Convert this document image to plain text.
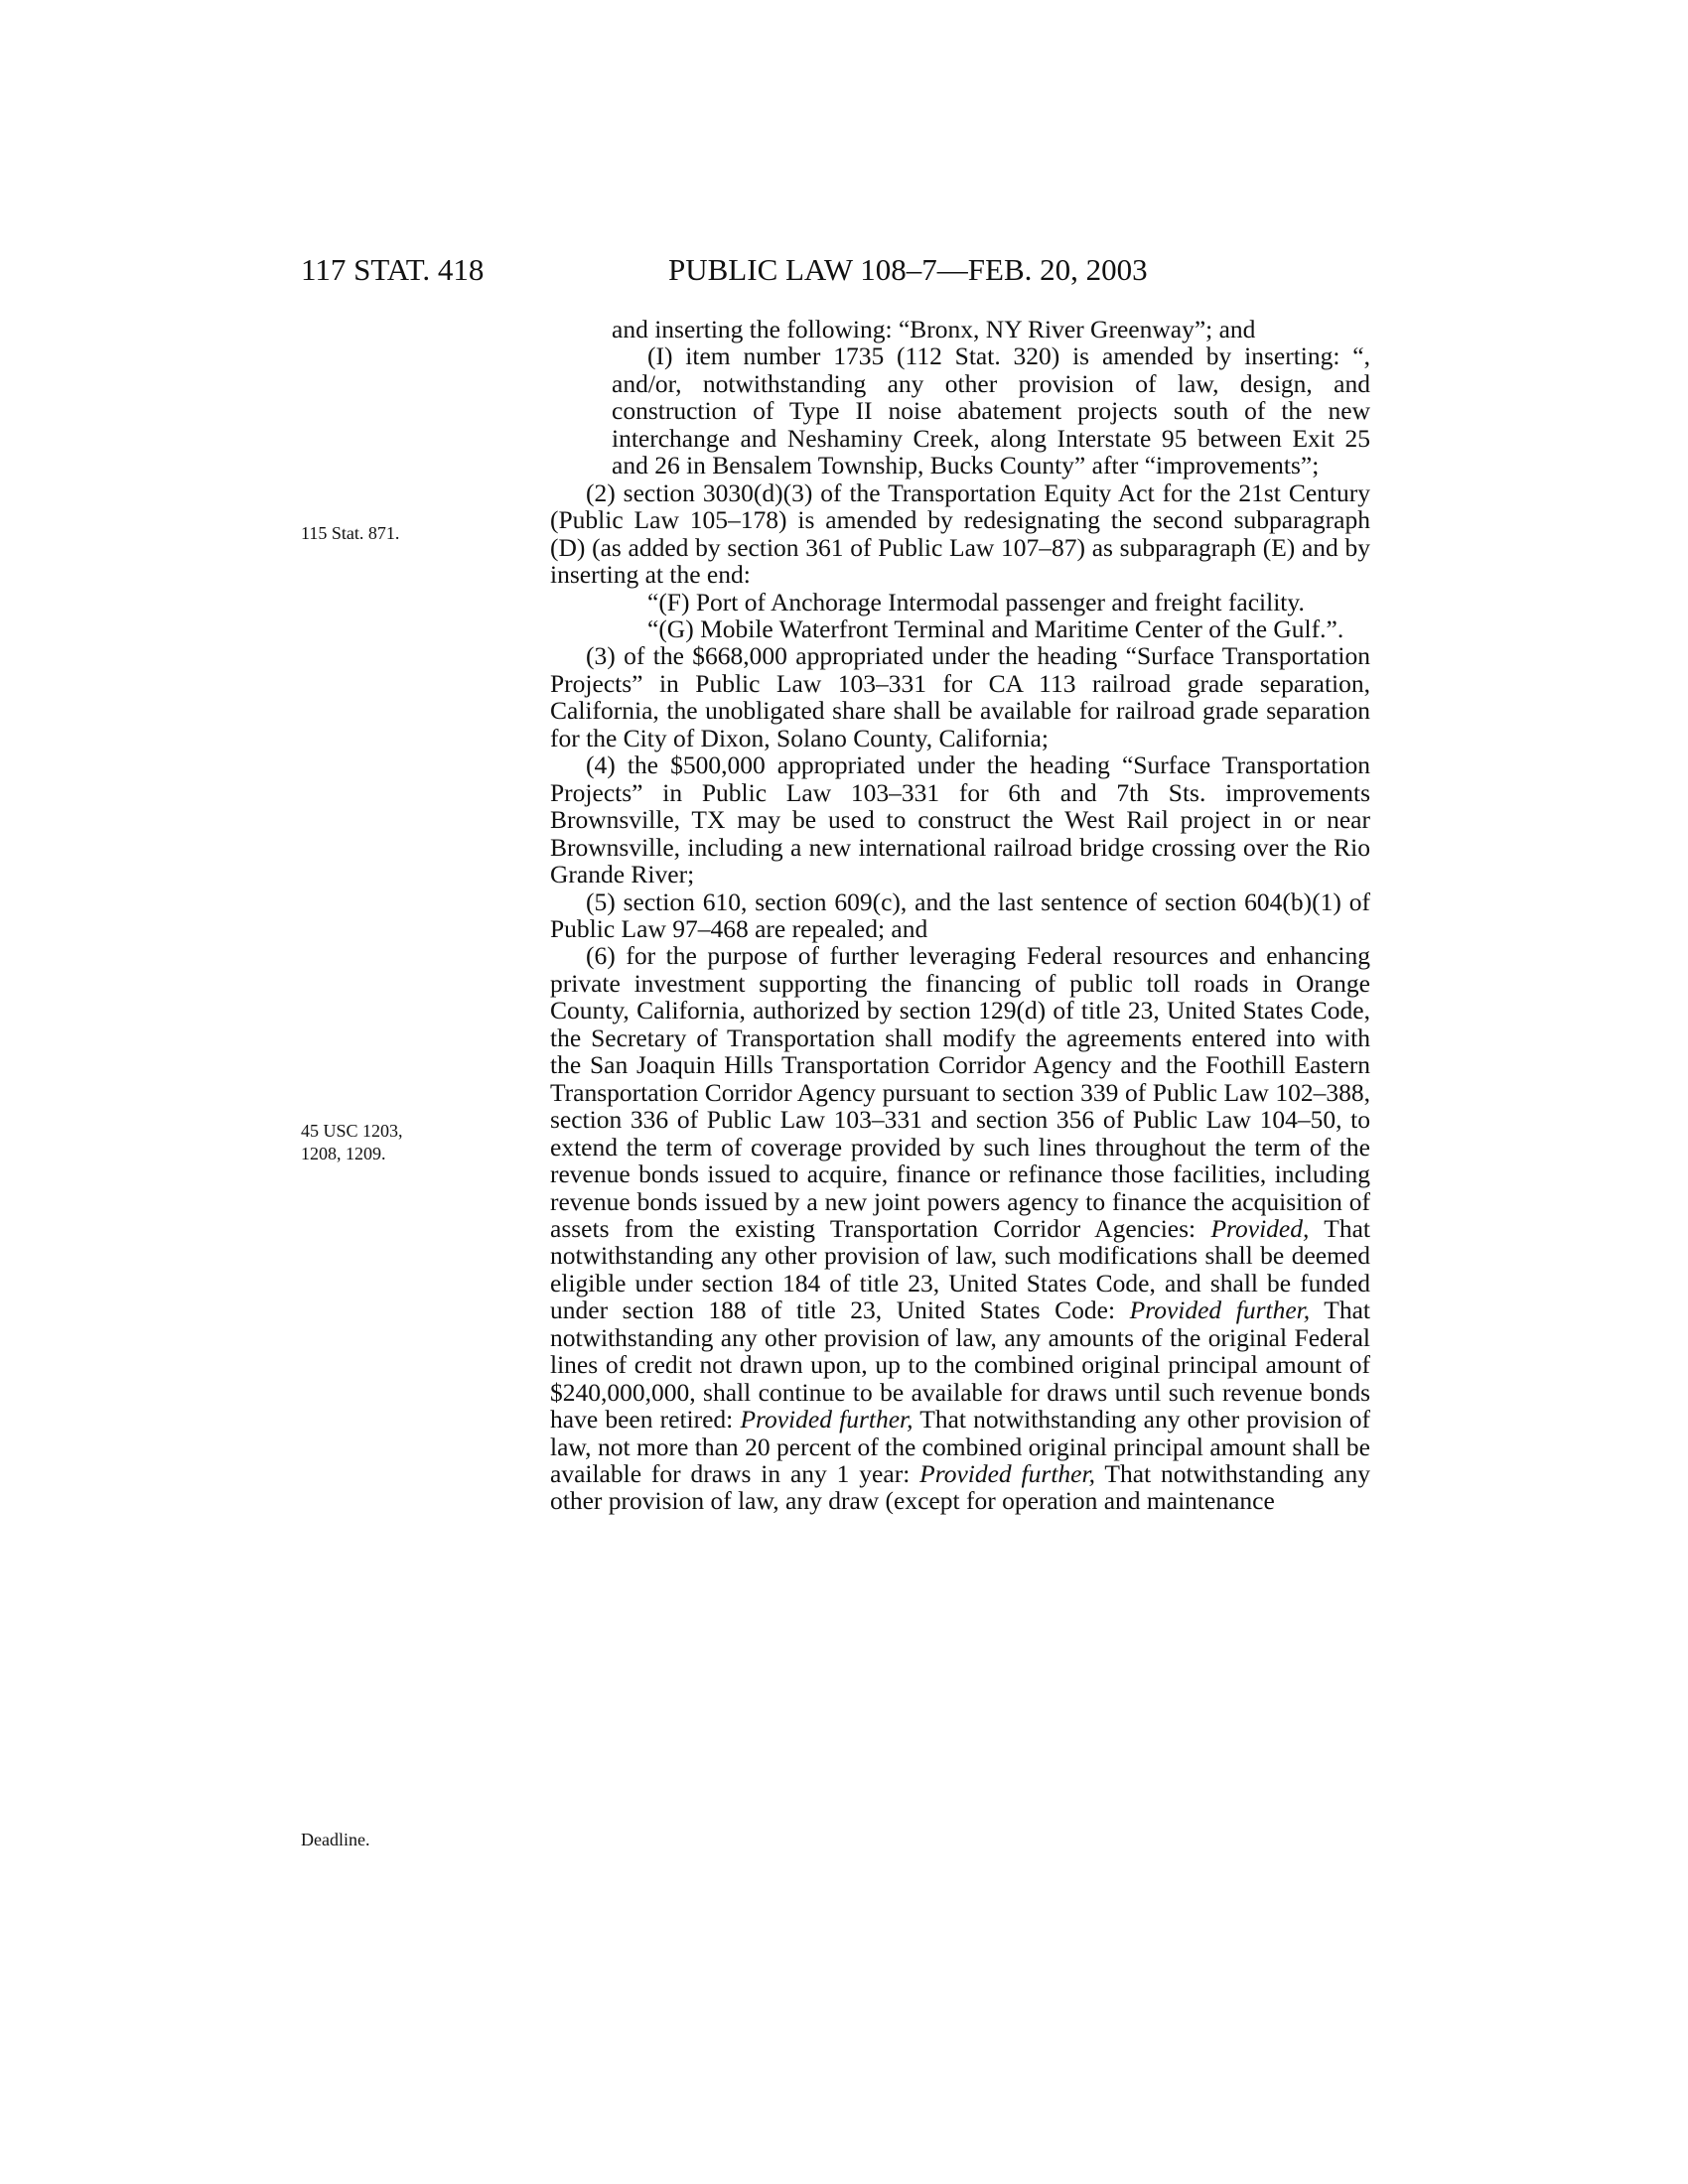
117 STAT. 418	PUBLIC LAW 108–7—FEB. 20, 2003
115 Stat. 871.
45 USC 1203,
1208, 1209.
Deadline.

and inserting the following: “Bronx, NY River Greenway”; and

(I) item number 1735 (112 Stat. 320) is amended by inserting: “, and/or, notwithstanding any other provision of law, design, and construction of Type II noise abatement projects south of the new interchange and Neshaminy Creek, along Interstate 95 between Exit 25 and 26 in Bensalem Township, Bucks County” after “improvements”;

(2) section 3030(d)(3) of the Transportation Equity Act for the 21st Century (Public Law 105–178) is amended by redesignating the second subparagraph (D) (as added by section 361 of Public Law 107–87) as subparagraph (E) and by inserting at the end:

“(F) Port of Anchorage Intermodal passenger and freight facility.

“(G) Mobile Waterfront Terminal and Maritime Center of the Gulf.”.

(3) of the $668,000 appropriated under the heading “Surface Transportation Projects” in Public Law 103–331 for CA 113 railroad grade separation, California, the unobligated share shall be available for railroad grade separation for the City of Dixon, Solano County, California;

(4) the $500,000 appropriated under the heading “Surface Transportation Projects” in Public Law 103–331 for 6th and 7th Sts. improvements Brownsville, TX may be used to construct the West Rail project in or near Brownsville, including a new international railroad bridge crossing over the Rio Grande River;

(5) section 610, section 609(c), and the last sentence of section 604(b)(1) of Public Law 97–468 are repealed; and

(6) for the purpose of further leveraging Federal resources and enhancing private investment supporting the financing of public toll roads in Orange County, California, authorized by section 129(d) of title 23, United States Code, the Secretary of Transportation shall modify the agreements entered into with the San Joaquin Hills Transportation Corridor Agency and the Foothill Eastern Transportation Corridor Agency pursuant to section 339 of Public Law 102–388, section 336 of Public Law 103–331 and section 356 of Public Law 104–50, to extend the term of coverage provided by such lines throughout the term of the revenue bonds issued to acquire, finance or refinance those facilities, including revenue bonds issued by a new joint powers agency to finance the acquisition of assets from the existing Transportation Corridor Agencies: Provided, That notwithstanding any other provision of law, such modifications shall be deemed eligible under section 184 of title 23, United States Code, and shall be funded under section 188 of title 23, United States Code: Provided further, That notwithstanding any other provision of law, any amounts of the original Federal lines of credit not drawn upon, up to the combined original principal amount of $240,000,000, shall continue to be available for draws until such revenue bonds have been retired: Provided further, That notwithstanding any other provision of law, not more than 20 percent of the combined original principal amount shall be available for draws in any 1 year: Provided further, That notwithstanding any other provision of law, any draw (except for operation and maintenance
